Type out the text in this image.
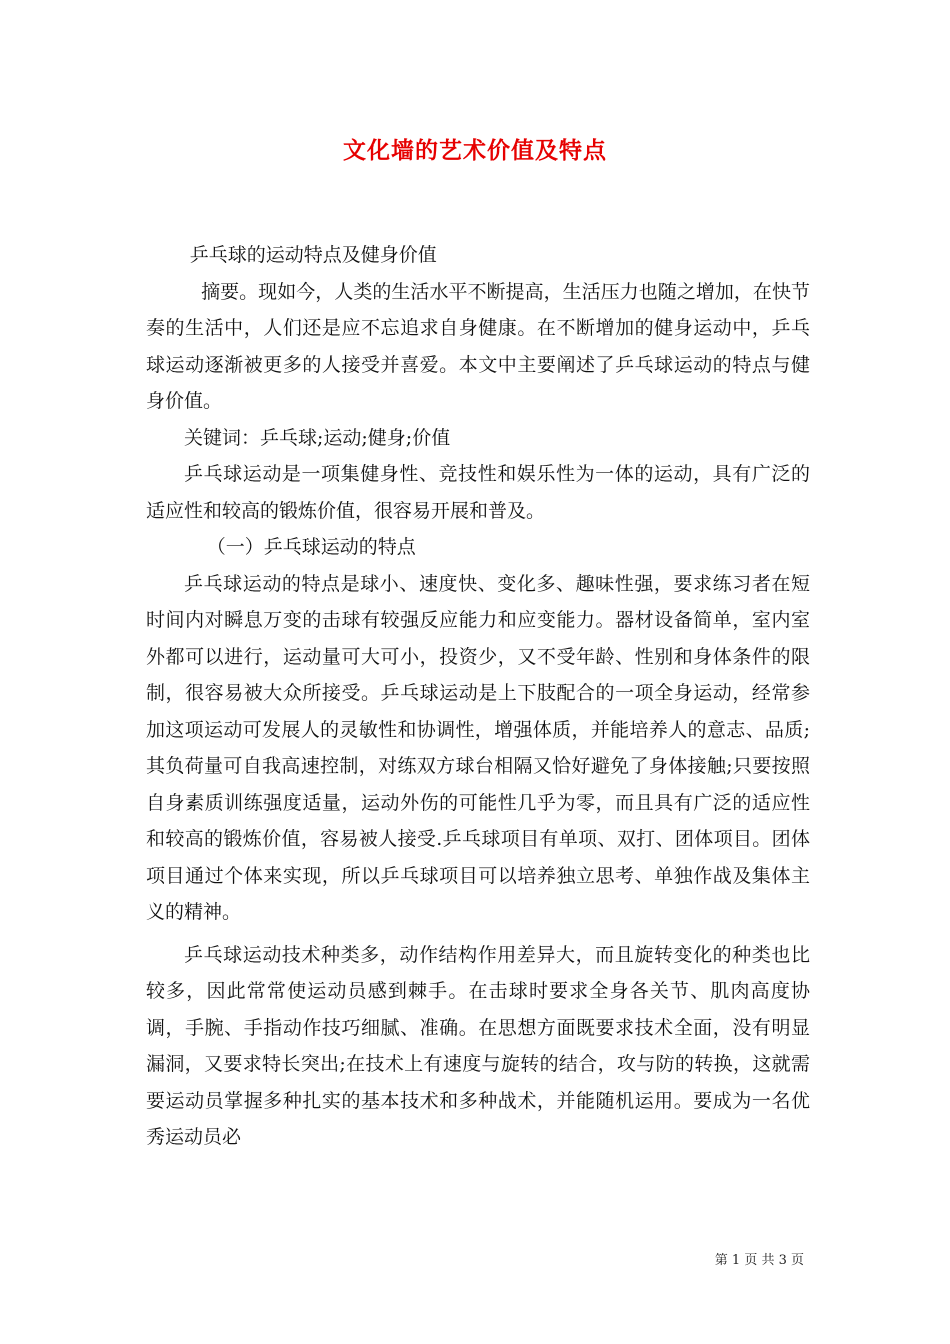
文化墙的艺术价值及特点

乒乓球的运动特点及健身价值

摘要。现如今，人类的生活水平不断提高，生活压力也随之增加，在快节奏的生活中，人们还是应不忘追求自身健康。在不断增加的健身运动中，乒乓球运动逐渐被更多的人接受并喜爱。本文中主要阐述了乒乓球运动的特点与健身价值。

关键词：乒乓球;运动;健身;价值

乒乓球运动是一项集健身性、竞技性和娱乐性为一体的运动，具有广泛的适应性和较高的锻炼价值，很容易开展和普及。

（一）乒乓球运动的特点

乒乓球运动的特点是球小、速度快、变化多、趣味性强，要求练习者在短时间内对瞬息万变的击球有较强反应能力和应变能力。器材设备简单，室内室外都可以进行，运动量可大可小，投资少，又不受年龄、性别和身体条件的限制，很容易被大众所接受。乒乓球运动是上下肢配合的一项全身运动，经常参加这项运动可发展人的灵敏性和协调性，增强体质，并能培养人的意志、品质;其负荷量可自我高速控制，对练双方球台相隔又恰好避免了身体接触;只要按照自身素质训练强度适量，运动外伤的可能性几乎为零，而且具有广泛的适应性和较高的锻炼价值，容易被人接受.乒乓球项目有单项、双打、团体项目。团体项目通过个体来实现，所以乒乓球项目可以培养独立思考、单独作战及集体主义的精神。

乒乓球运动技术种类多，动作结构作用差异大，而且旋转变化的种类也比较多，因此常常使运动员感到棘手。在击球时要求全身各关节、肌肉高度协调，手腕、手指动作技巧细腻、准确。在思想方面既要求技术全面，没有明显漏洞，又要求特长突出;在技术上有速度与旋转的结合，攻与防的转换，这就需要运动员掌握多种扎实的基本技术和多种战术，并能随机运用。要成为一名优秀运动员必

第 1 页 共 3 页
